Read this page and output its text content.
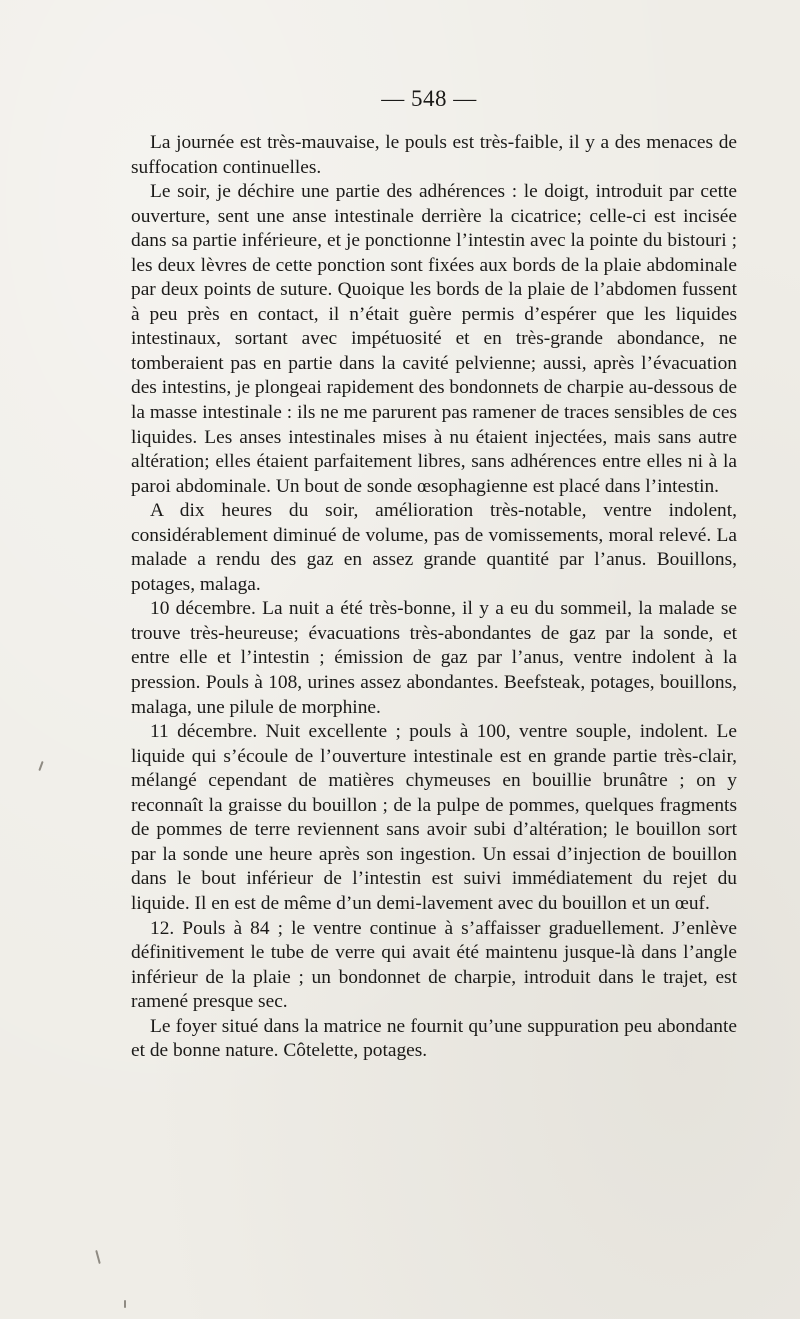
— 548 —

La journée est très-mauvaise, le pouls est très-faible, il y a des menaces de suffocation continuelles.

Le soir, je déchire une partie des adhérences : le doigt, introduit par cette ouverture, sent une anse intestinale derrière la cicatrice; celle-ci est incisée dans sa partie inférieure, et je ponctionne l’intestin avec la pointe du bistouri ; les deux lèvres de cette ponction sont fixées aux bords de la plaie abdominale par deux points de suture. Quoique les bords de la plaie de l’abdomen fussent à peu près en contact, il n’était guère permis d’espérer que les liquides intestinaux, sortant avec impétuosité et en très-grande abondance, ne tomberaient pas en partie dans la cavité pelvienne; aussi, après l’évacuation des intestins, je plongeai rapidement des bondonnets de charpie au-dessous de la masse intestinale : ils ne me parurent pas ramener de traces sensibles de ces liquides. Les anses intestinales mises à nu étaient injectées, mais sans autre altération; elles étaient parfaitement libres, sans adhérences entre elles ni à la paroi abdominale. Un bout de sonde œsophagienne est placé dans l’intestin.

A dix heures du soir, amélioration très-notable, ventre indolent, considérablement diminué de volume, pas de vomissements, moral relevé. La malade a rendu des gaz en assez grande quantité par l’anus. Bouillons, potages, malaga.

10 décembre. La nuit a été très-bonne, il y a eu du sommeil, la malade se trouve très-heureuse; évacuations très-abondantes de gaz par la sonde, et entre elle et l’intestin ; émission de gaz par l’anus, ventre indolent à la pression. Pouls à 108, urines assez abondantes. Beefsteak, potages, bouillons, malaga, une pilule de morphine.

11 décembre. Nuit excellente ; pouls à 100, ventre souple, indolent. Le liquide qui s’écoule de l’ouverture intestinale est en grande partie très-clair, mélangé cependant de matières chymeuses en bouillie brunâtre ; on y reconnaît la graisse du bouillon ; de la pulpe de pommes, quelques fragments de pommes de terre reviennent sans avoir subi d’altération; le bouillon sort par la sonde une heure après son ingestion. Un essai d’injection de bouillon dans le bout inférieur de l’intestin est suivi immédiatement du rejet du liquide. Il en est de même d’un demi-lavement avec du bouillon et un œuf.

12. Pouls à 84 ; le ventre continue à s’affaisser graduellement. J’enlève définitivement le tube de verre qui avait été maintenu jusque-là dans l’angle inférieur de la plaie ; un bondonnet de charpie, introduit dans le trajet, est ramené presque sec.

Le foyer situé dans la matrice ne fournit qu’une suppuration peu abondante et de bonne nature. Côtelette, potages.
